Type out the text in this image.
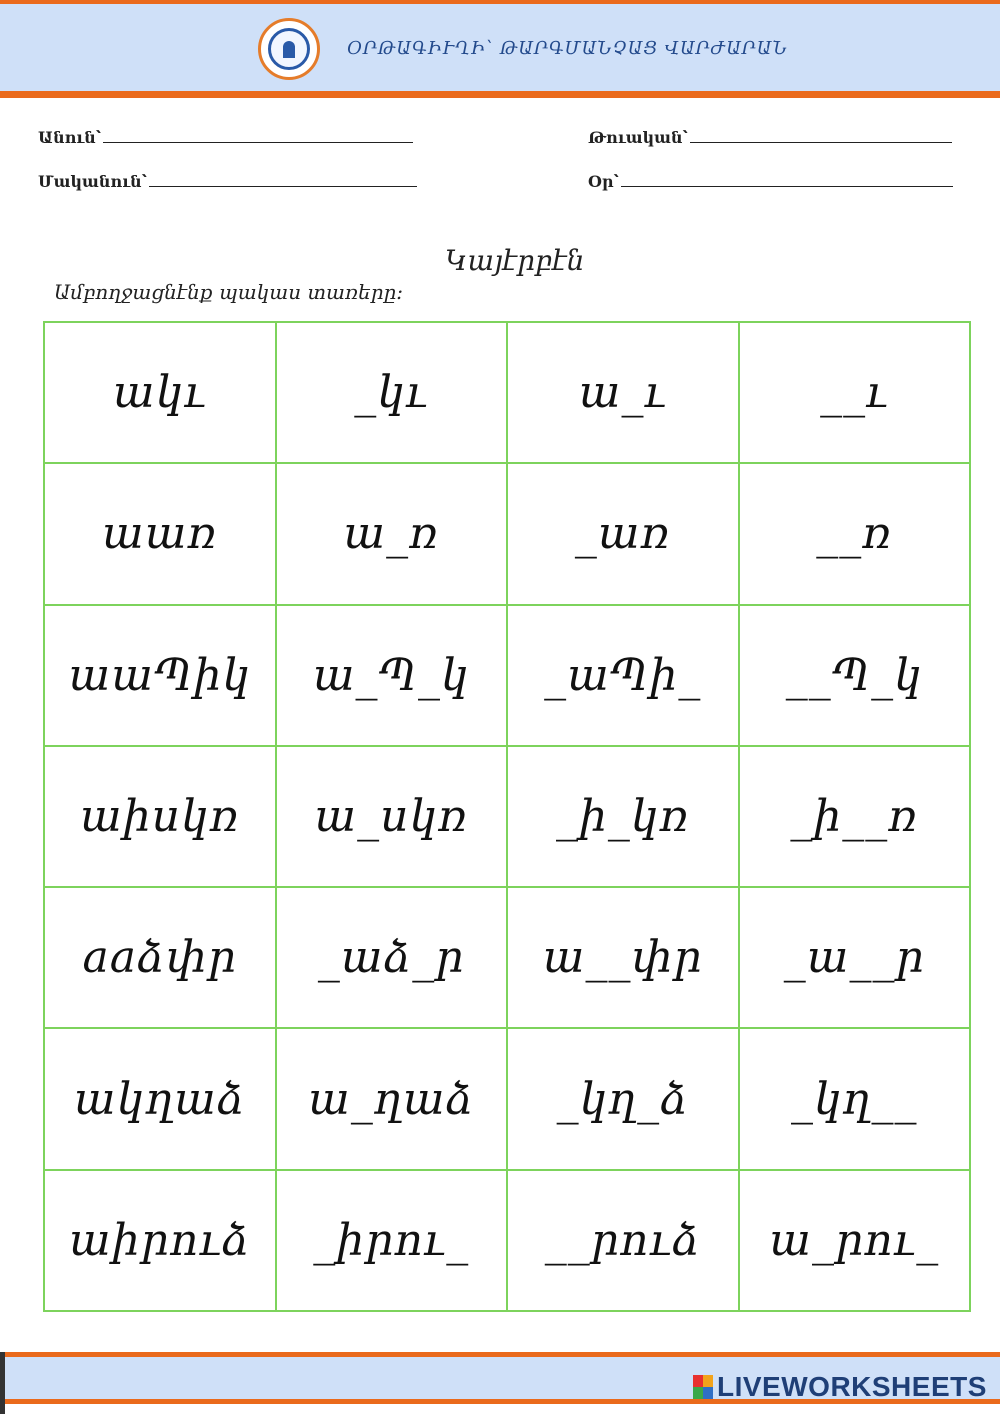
ՕՐԹԱԳԻՒՂԻ՝ ԹԱՐԳՄԱՆՉԱՑ ՎԱՐԺԱՐԱՆ
Անուն՝	Թուական՝
Մականուն՝	Օր՝
Կայէրբէն
Ամբողջացնէնք պակաս տառերը։
ակւ	_կւ	ա_ւ	__ւ
աառ	ա_ռ	_առ	__ռ
աաՊիկ	ա_Պ_կ	_աՊի_	__Պ_կ
աիսկռ	ա_սկռ	_ի_կռ	_ի__ռ
ааձփր	_աձ_ր	ա__փր	_ա__ր
ակղաձ	ա_ղաձ	_կղ_ձ	_կղ__
աիրուձ	_իրու_	__րուձ	ա_րու_
LIVEWORKSHEETS
